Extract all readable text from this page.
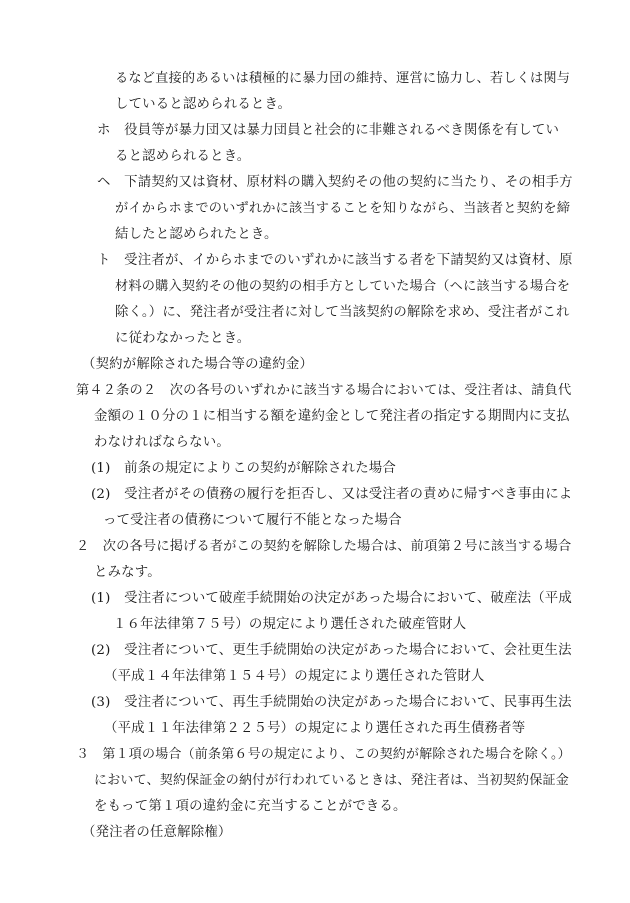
るなど直接的あるいは積極的に暴力団の維持、運営に協力し、若しくは関与
していると認められるとき。
ホ　役員等が暴力団又は暴力団員と社会的に非難されるべき関係を有してい
ると認められるとき。
ヘ　下請契約又は資材、原材料の購入契約その他の契約に当たり、その相手方
がイからホまでのいずれかに該当することを知りながら、当該者と契約を締
結したと認められたとき。
ト　受注者が、イからホまでのいずれかに該当する者を下請契約又は資材、原
材料の購入契約その他の契約の相手方としていた場合（ヘに該当する場合を
除く。）に、発注者が受注者に対して当該契約の解除を求め、受注者がこれ
に従わなかったとき。
（契約が解除された場合等の違約金）
第４２条の２　次の各号のいずれかに該当する場合においては、受注者は、請負代
金額の１０分の１に相当する額を違約金として発注者の指定する期間内に支払
わなければならない。
(1)　前条の規定によりこの契約が解除された場合
(2)　受注者がその債務の履行を拒否し、又は受注者の責めに帰すべき事由によ
って受注者の債務について履行不能となった場合
２　次の各号に掲げる者がこの契約を解除した場合は、前項第２号に該当する場合
とみなす。
(1)　受注者について破産手続開始の決定があった場合において、破産法（平成
１６年法律第７５号）の規定により選任された破産管財人
(2)　受注者について、更生手続開始の決定があった場合において、会社更生法
（平成１４年法律第１５４号）の規定により選任された管財人
(3)　受注者について、再生手続開始の決定があった場合において、民事再生法
（平成１１年法律第２２５号）の規定により選任された再生債務者等
３　第１項の場合（前条第６号の規定により、この契約が解除された場合を除く。）
において、契約保証金の納付が行われているときは、発注者は、当初契約保証金
をもって第１項の違約金に充当することができる。
（発注者の任意解除権）
